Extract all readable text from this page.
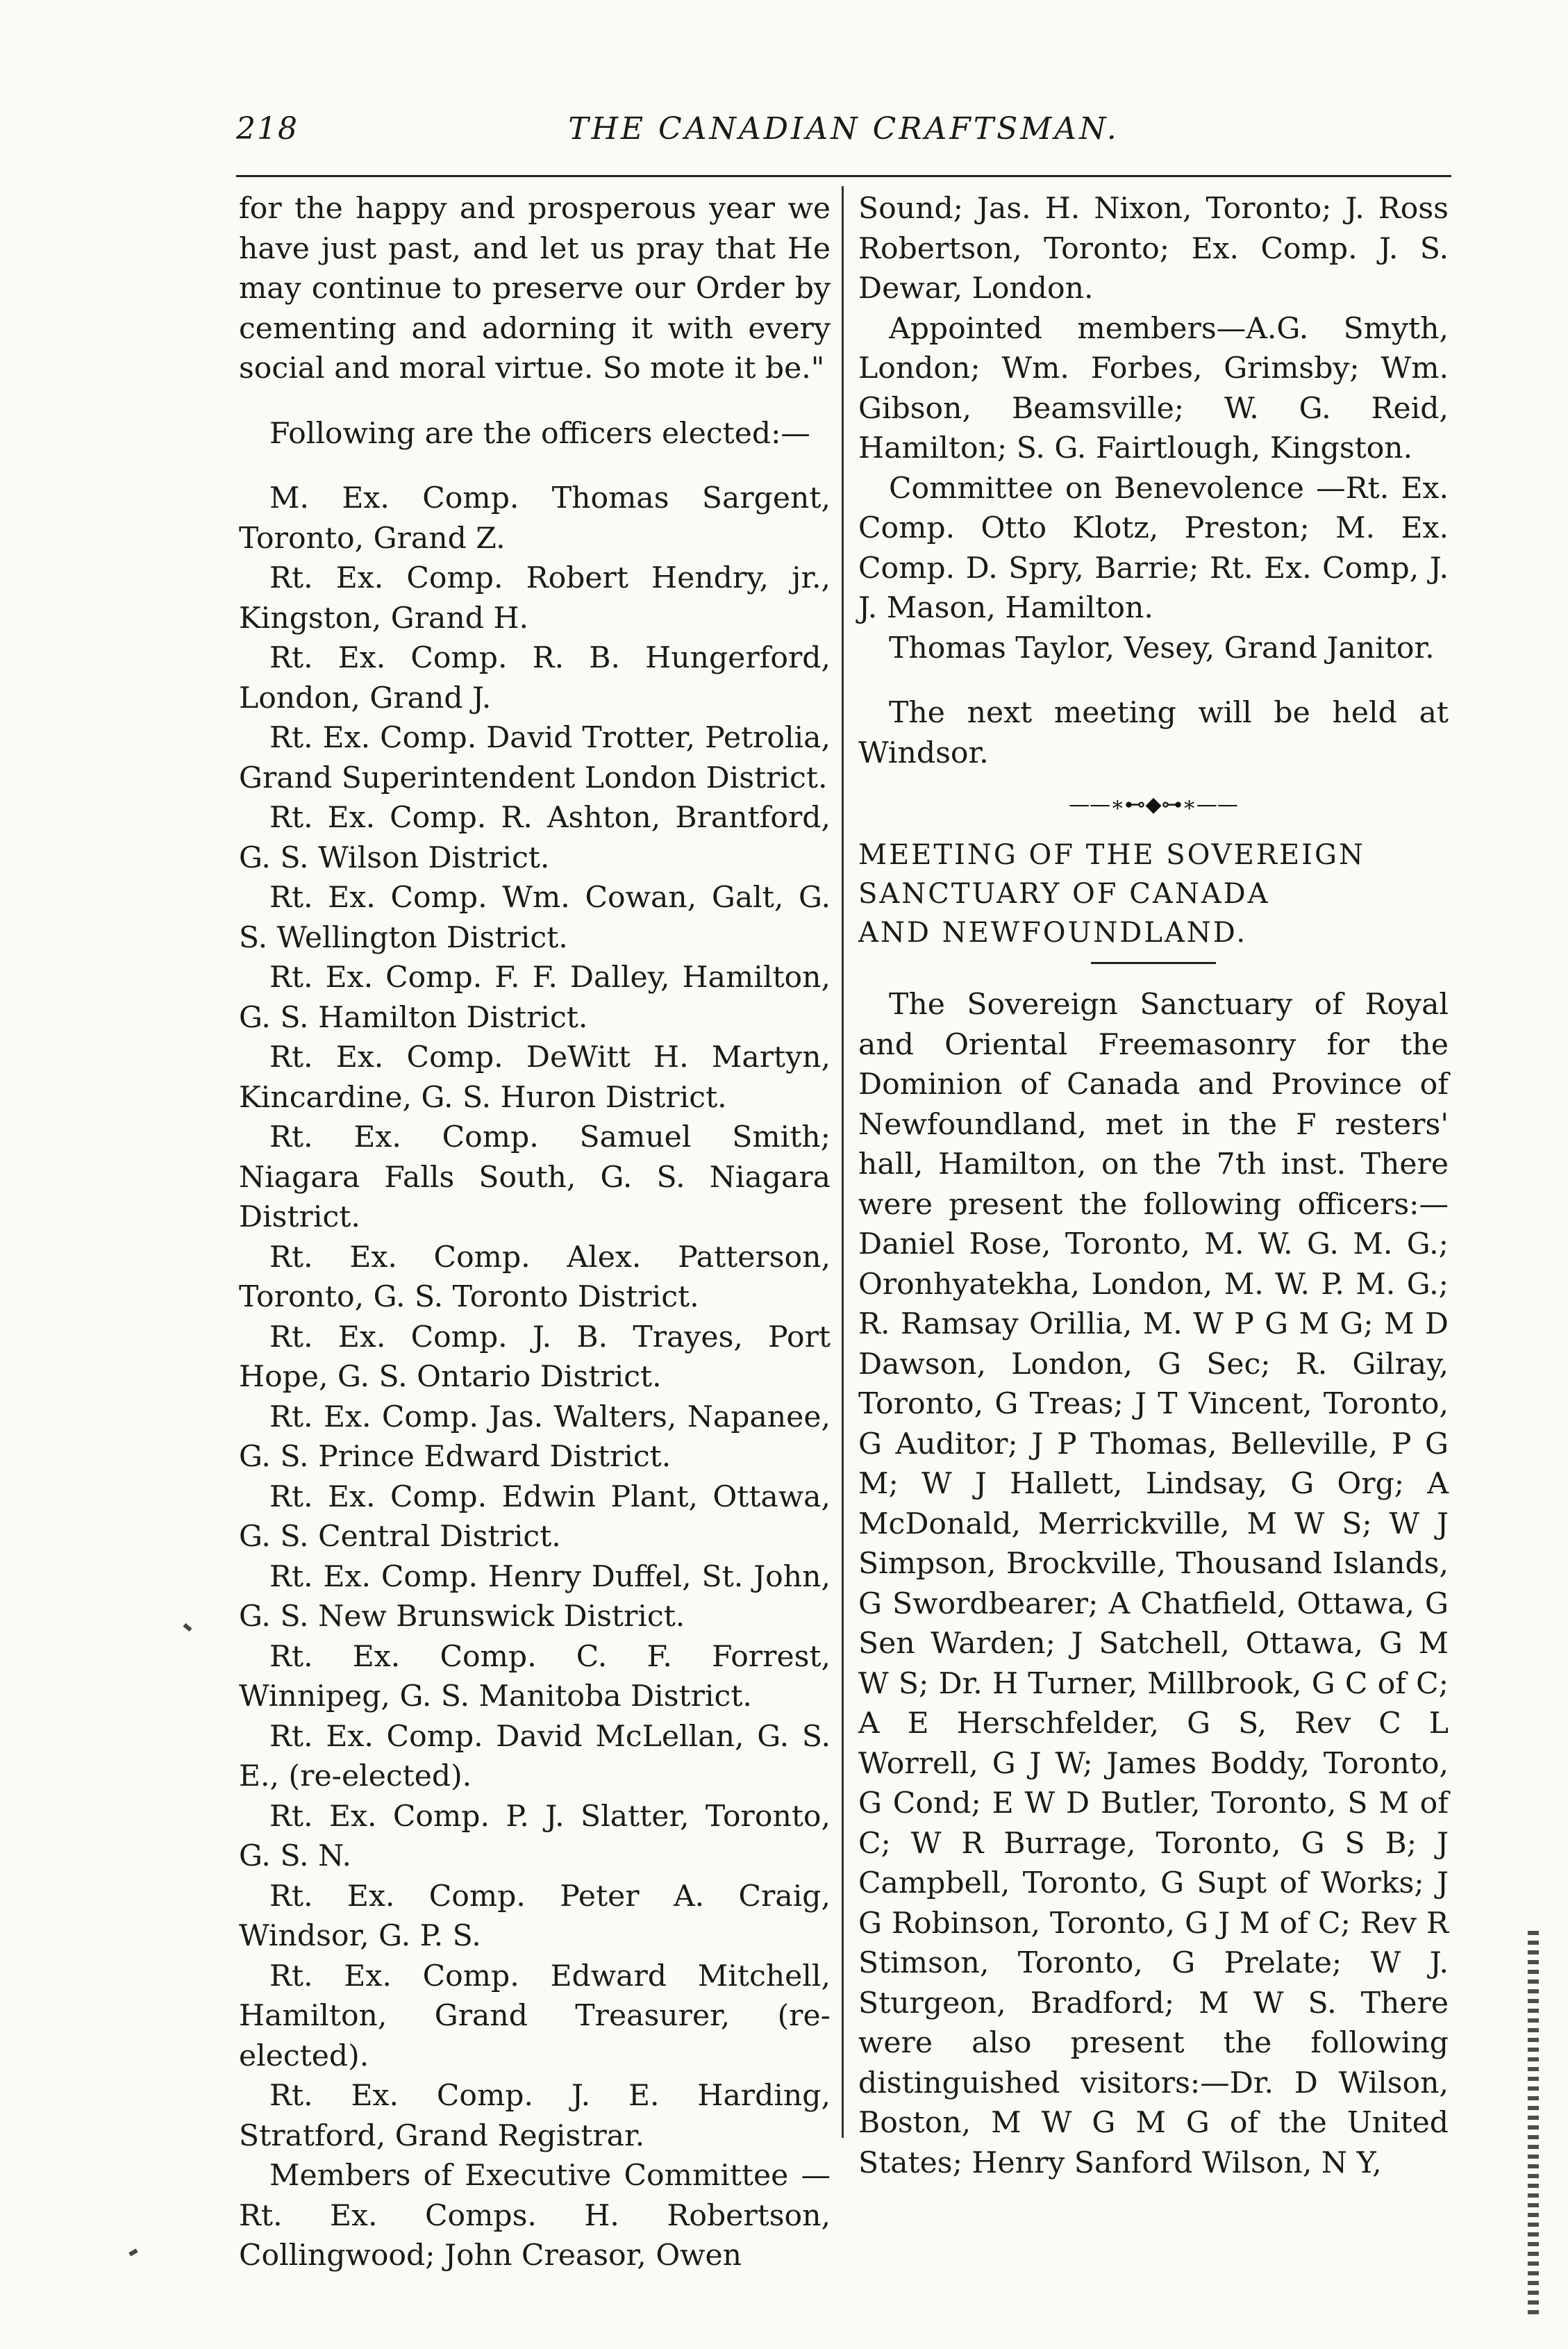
218	THE CANADIAN CRAFTSMAN.

for the happy and prosperous year we have just past, and let us pray that He may continue to preserve our Order by cementing and adorning it with every social and moral virtue. So mote it be."

Following are the officers elected:—

M. Ex. Comp. Thomas Sargent, Toronto, Grand Z.

Rt. Ex. Comp. Robert Hendry, jr., Kingston, Grand H.

Rt. Ex. Comp. R. B. Hungerford, London, Grand J.

Rt. Ex. Comp. David Trotter, Petrolia, Grand Superintendent London District.

Rt. Ex. Comp. R. Ashton, Brantford, G. S. Wilson District.

Rt. Ex. Comp. Wm. Cowan, Galt, G. S. Wellington District.

Rt. Ex. Comp. F. F. Dalley, Hamilton, G. S. Hamilton District.

Rt. Ex. Comp. DeWitt H. Martyn, Kincardine, G. S. Huron District.

Rt. Ex. Comp. Samuel Smith; Niagara Falls South, G. S. Niagara District.

Rt. Ex. Comp. Alex. Patterson, Toronto, G. S. Toronto District.

Rt. Ex. Comp. J. B. Trayes, Port Hope, G. S. Ontario District.

Rt. Ex. Comp. Jas. Walters, Napanee, G. S. Prince Edward District.

Rt. Ex. Comp. Edwin Plant, Ottawa, G. S. Central District.

Rt. Ex. Comp. Henry Duffel, St. John, G. S. New Brunswick District.

Rt. Ex. Comp. C. F. Forrest, Winnipeg, G. S. Manitoba District.

Rt. Ex. Comp. David McLellan, G. S. E., (re-elected).

Rt. Ex. Comp. P. J. Slatter, Toronto, G. S. N.

Rt. Ex. Comp. Peter A. Craig, Windsor, G. P. S.

Rt. Ex. Comp. Edward Mitchell, Hamilton, Grand Treasurer, (re-elected).

Rt. Ex. Comp. J. E. Harding, Stratford, Grand Registrar.

Members of Executive Committee —Rt. Ex. Comps. H. Robertson, Collingwood; John Creasor, Owen

Sound; Jas. H. Nixon, Toronto; J. Ross Robertson, Toronto; Ex. Comp. J. S. Dewar, London.

Appointed members—A.G. Smyth, London; Wm. Forbes, Grimsby; Wm. Gibson, Beamsville; W. G. Reid, Hamilton; S. G. Fairtlough, Kingston.

Committee on Benevolence —Rt. Ex. Comp. Otto Klotz, Preston; M. Ex. Comp. D. Spry, Barrie; Rt. Ex. Comp, J. J. Mason, Hamilton.

Thomas Taylor, Vesey, Grand Janitor.

The next meeting will be held at Windsor.

——∗⊷◆⊶∗——

MEETING OF THE SOVEREIGN

SANCTUARY OF CANADA

AND NEWFOUNDLAND.

The Sovereign Sanctuary of Royal and Oriental Freemasonry for the Dominion of Canada and Province of Newfoundland, met in the F resters' hall, Hamilton, on the 7th inst. There were present the following officers:—Daniel Rose, Toronto, M. W. G. M. G.; Oronhyatekha, London, M. W. P. M. G.; R. Ramsay Orillia, M. W P G M G; M D Dawson, London, G Sec; R. Gilray, Toronto, G Treas; J T Vincent, Toronto, G Auditor; J P Thomas, Belleville, P G M; W J Hallett, Lindsay, G Org; A McDonald, Merrickville, M W S; W J Simpson, Brockville, Thousand Islands, G Swordbearer; A Chatfield, Ottawa, G Sen Warden; J Satchell, Ottawa, G M W S; Dr. H Turner, Millbrook, G C of C; A E Herschfelder, G S, Rev C L Worrell, G J W; James Boddy, Toronto, G Cond; E W D Butler, Toronto, S M of C; W R Burrage, Toronto, G S B; J Campbell, Toronto, G Supt of Works; J G Robinson, Toronto, G J M of C; Rev R Stimson, Toronto, G Prelate; W J. Sturgeon, Bradford; M W S. There were also present the following distinguished visitors:—Dr. D Wilson, Boston, M W G M G of the United States; Henry Sanford Wilson, N Y,
